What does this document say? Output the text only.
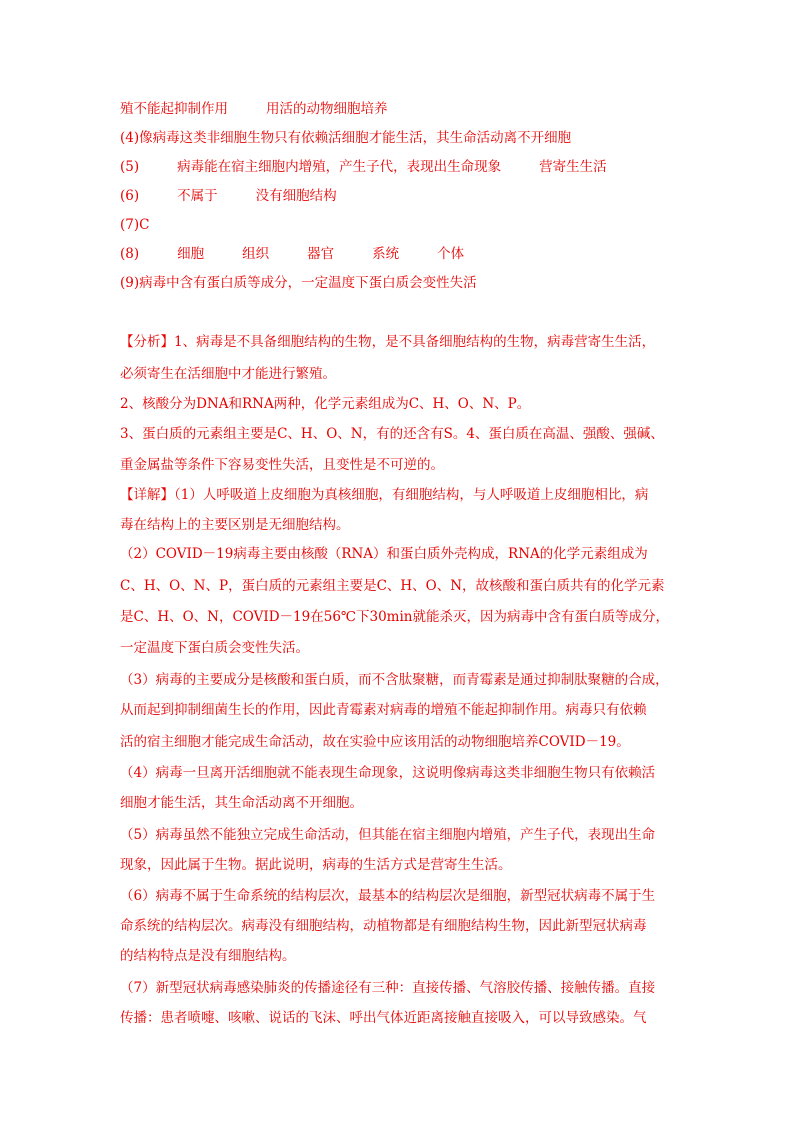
殖不能起抑制作用	用活的动物细胞培养
(4)像病毒这类非细胞生物只有依赖活细胞才能生活，其生命活动离不开细胞
(5)	病毒能在宿主细胞内增殖，产生子代，表现出生命现象	营寄生生活
(6)	不属于	没有细胞结构
(7)C
(8)	细胞	组织	器官	系统	个体
(9)病毒中含有蛋白质等成分，一定温度下蛋白质会变性失活
【分析】1、病毒是不具备细胞结构的生物，是不具备细胞结构的生物，病毒营寄生生活，
必须寄生在活细胞中才能进行繁殖。
2、核酸分为DNA和RNA两种，化学元素组成为C、H、O、N、P。
3、蛋白质的元素组主要是C、H、O、N，有的还含有S。4、蛋白质在高温、强酸、强碱、
重金属盐等条件下容易变性失活，且变性是不可逆的。
【详解】（1）人呼吸道上皮细胞为真核细胞，有细胞结构，与人呼吸道上皮细胞相比，病
毒在结构上的主要区别是无细胞结构。
（2）COVID－19病毒主要由核酸（RNA）和蛋白质外壳构成，RNA的化学元素组成为
C、H、O、N、P，蛋白质的元素组主要是C、H、O、N，故核酸和蛋白质共有的化学元素
是C、H、O、N，COVID－19在56℃下30min就能杀灭，因为病毒中含有蛋白质等成分，
一定温度下蛋白质会变性失活。
（3）病毒的主要成分是核酸和蛋白质，而不含肽聚糖，而青霉素是通过抑制肽聚糖的合成，
从而起到抑制细菌生长的作用，因此青霉素对病毒的增殖不能起抑制作用。病毒只有依赖
活的宿主细胞才能完成生命活动，故在实验中应该用活的动物细胞培养COVID－19。
（4）病毒一旦离开活细胞就不能表现生命现象，这说明像病毒这类非细胞生物只有依赖活
细胞才能生活，其生命活动离不开细胞。
（5）病毒虽然不能独立完成生命活动，但其能在宿主细胞内增殖，产生子代，表现出生命
现象，因此属于生物。据此说明，病毒的生活方式是营寄生生活。
（6）病毒不属于生命系统的结构层次，最基本的结构层次是细胞，新型冠状病毒不属于生
命系统的结构层次。病毒没有细胞结构，动植物都是有细胞结构生物，因此新型冠状病毒
的结构特点是没有细胞结构。
（7）新型冠状病毒感染肺炎的传播途径有三种：直接传播、气溶胶传播、接触传播。直接
传播：患者喷嚏、咳嗽、说话的飞沫、呼出气体近距离接触直接吸入，可以导致感染。气
